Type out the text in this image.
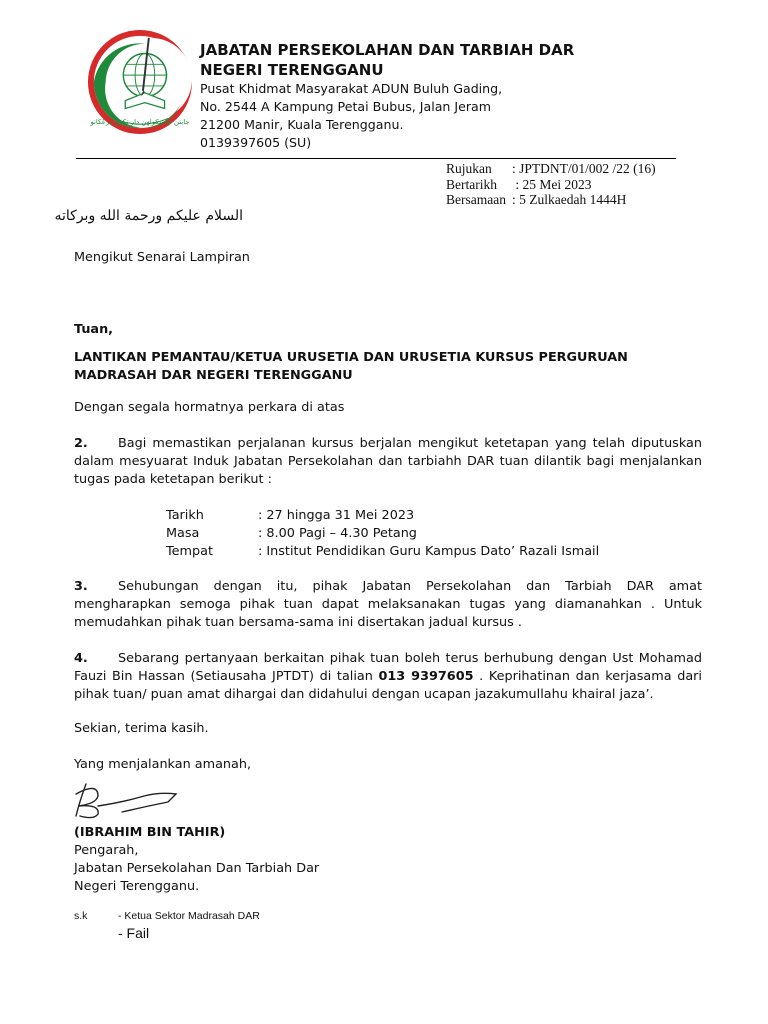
جابتن فرسكولهن دار تكري ترڠڬانو
JABATAN PERSEKOLAHAN DAN TARBIAH DAR
NEGERI TERENGGANU
Pusat Khidmat Masyarakat ADUN Buluh Gading,
No. 2544 A Kampung Petai Bubus, Jalan Jeram
21200 Manir, Kuala Terengganu.
0139397605 (SU)
Rujukan : JPTDNT/01/002 /22 (16)
Bertarikh : 25 Mei 2023
Bersamaan : 5 Zulkaedah 1444H
السلام عليكم ورحمة الله وبركاته
Mengikut Senarai Lampiran
Tuan,
LANTIKAN PEMANTAU/KETUA URUSETIA DAN URUSETIA KURSUS PERGURUAN MADRASAH DAR NEGERI TERENGGANU
Dengan segala hormatnya perkara di atas
2. Bagi memastikan perjalanan kursus berjalan mengikut ketetapan yang telah diputuskan dalam mesyuarat Induk Jabatan Persekolahan dan tarbiahh DAR tuan dilantik bagi menjalankan tugas pada ketetapan berikut :
Tarikh	: 27 hingga 31 Mei 2023
Masa	: 8.00 Pagi – 4.30 Petang
Tempat	: Institut Pendidikan Guru Kampus Dato’ Razali Ismail
3. Sehubungan dengan itu, pihak Jabatan Persekolahan dan Tarbiah DAR amat mengharapkan semoga pihak tuan dapat melaksanakan tugas yang diamanahkan . Untuk memudahkan pihak tuan bersama-sama ini disertakan jadual kursus .
4. Sebarang pertanyaan berkaitan pihak tuan boleh terus berhubung dengan Ust Mohamad Fauzi Bin Hassan (Setiausaha JPTDT) di talian 013 9397605 . Keprihatinan dan kerjasama dari pihak tuan/ puan amat dihargai dan didahului dengan ucapan jazakumullahu khairal jaza’.
Sekian, terima kasih.
Yang menjalankan amanah,
(IBRAHIM BIN TAHIR)
Pengarah,
Jabatan Persekolahan Dan Tarbiah Dar
Negeri Terengganu.
s.k	- Ketua Sektor Madrasah DAR
- Fail
